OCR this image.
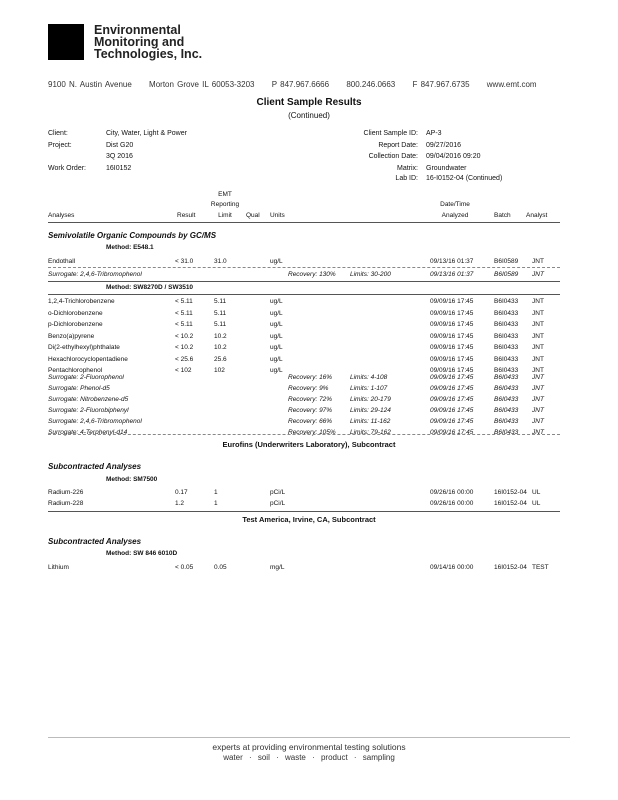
Environmental
Monitoring and
Technologies, Inc.
9100 N. Austin Avenue Morton Grove IL 60053-3203 P 847.967.6666 800.246.0663 F 847.967.6735 www.emt.com
Client Sample Results
(Continued)
Client:	City, Water, Light & Power
Project:	Dist G20
3Q 2016
Work Order:	16I0152
Client Sample ID: AP-3
Report Date: 09/27/2016
Collection Date: 09/04/2016 09:20
Matrix: Groundwater
Lab ID: 16-I0152-04 (Continued)
Analyses	Result
EMT
Reporting
Limit	Qual Units
Date/Time
Analyzed	Batch Analyst
Semivolatile Organic Compounds by GC/MS
Method: E548.1
Endothall	< 31.0	31.0	ug/L	09/13/16 01:37	B6I0589 JNT
Surrogate: 2,4,6-Tribromophenol	Recovery: 130% Limits: 30-200	09/13/16 01:37	B6I0589 JNT
Method: SW8270D / SW3510
1,2,4-Trichlorobenzene	< 5.11	5.11	ug/L	09/09/16 17:45	B6I0433 JNT
o-Dichlorobenzene	< 5.11	5.11	ug/L	09/09/16 17:45	B6I0433 JNT
p-Dichlorobenzene	< 5.11	5.11	ug/L	09/09/16 17:45	B6I0433 JNT
Benzo(a)pyrene	< 10.2	10.2	ug/L	09/09/16 17:45	B6I0433 JNT
Di(2-ethylhexyl)phthalate	< 10.2	10.2	ug/L	09/09/16 17:45	B6I0433 JNT
Hexachlorocyclopentadiene	< 25.6	25.6	ug/L	09/09/16 17:45	B6I0433 JNT
Pentachlorophenol	< 102	102	ug/L	09/09/16 17:45	B6I0433 JNT
Surrogate: 2-Fluorophenol	Recovery: 16%	Limits: 4-108	09/09/16 17:45	B6I0433 JNT
Surrogate: Phenol-d5	Recovery: 9%	Limits: 1-107	09/09/16 17:45	B6I0433 JNT
Surrogate: Nitrobenzene-d5	Recovery: 72%	Limits: 20-179	09/09/16 17:45	B6I0433 JNT
Surrogate: 2-Fluorobiphenyl	Recovery: 97%	Limits: 29-124	09/09/16 17:45	B6I0433 JNT
Surrogate: 2,4,6-Tribromophenol	Recovery: 66%	Limits: 11-162	09/09/16 17:45	B6I0433 JNT
Surrogate: 4-Terphenyl-d14	Recovery: 105% Limits: 79-162	09/09/16 17:45	B6I0433 JNT
Eurofins (Underwriters Laboratory), Subcontract
Subcontracted Analyses
Method: SM7500
Radium-226	0.17	1	pCi/L	09/26/16 00:00	16I0152-04 UL
Radium-228	1.2	1	pCi/L	09/26/16 00:00	16I0152-04 UL
Test America, Irvine, CA, Subcontract
Subcontracted Analyses
Method: SW 846 6010D
Lithium	< 0.05	0.05	mg/L	09/14/16 00:00	16I0152-04 TEST
experts at providing environmental testing solutions
water · soil · waste · product · sampling
